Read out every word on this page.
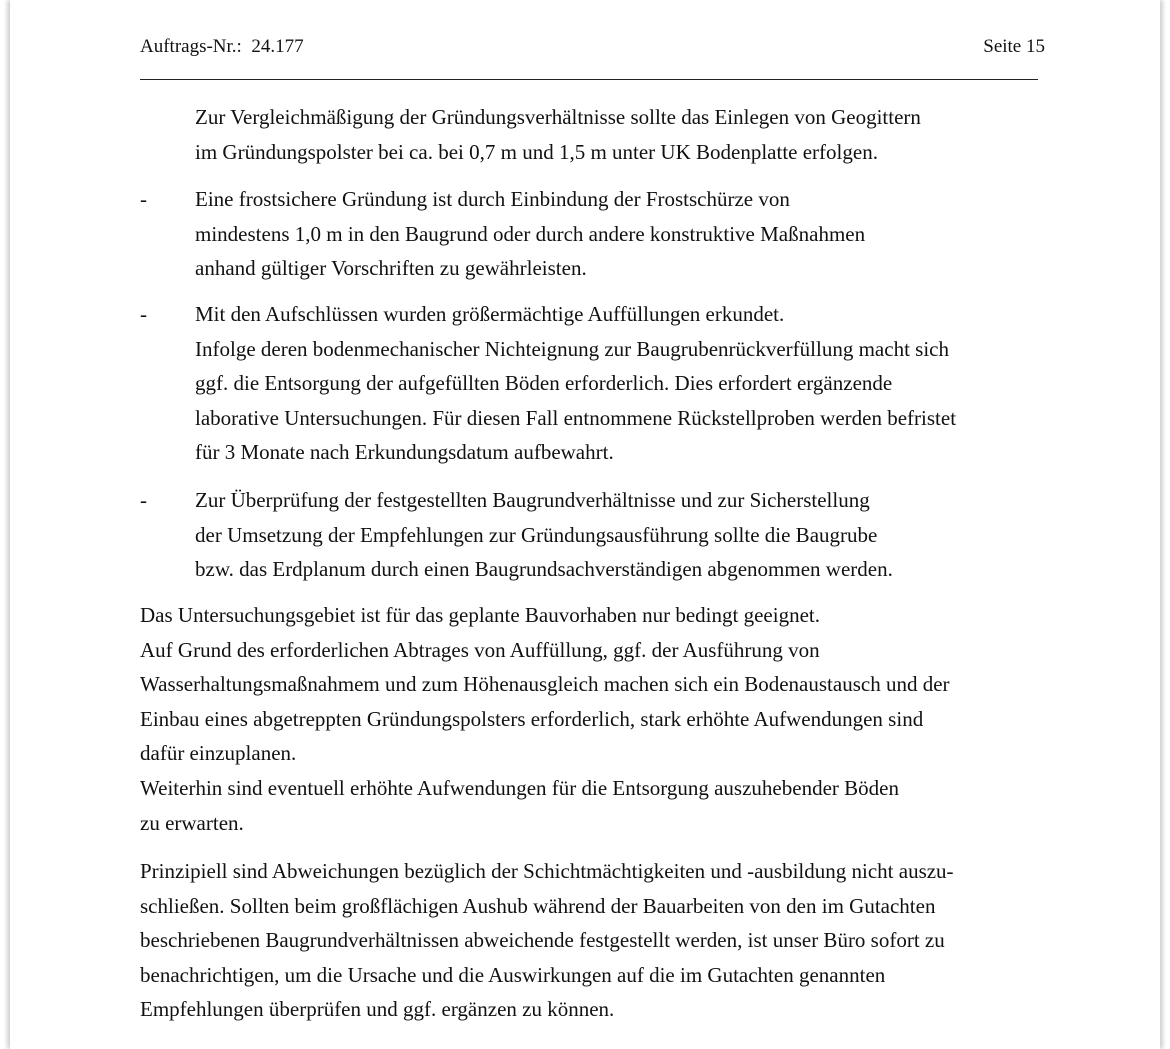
Auftrags-Nr.: 24.177	Seite 15
Zur Vergleichmäßigung der Gründungsverhältnisse sollte das Einlegen von Geogittern
im Gründungspolster bei ca. bei 0,7 m und 1,5 m unter UK Bodenplatte erfolgen.
- Eine frostsichere Gründung ist durch Einbindung der Frostschürze von
mindestens 1,0 m in den Baugrund oder durch andere konstruktive Maßnahmen
anhand gültiger Vorschriften zu gewährleisten.
- Mit den Aufschlüssen wurden größermächtige Auffüllungen erkundet.
Infolge deren bodenmechanischer Nichteignung zur Baugrubenrückverfüllung macht sich
ggf. die Entsorgung der aufgefüllten Böden erforderlich. Dies erfordert ergänzende
laborative Untersuchungen. Für diesen Fall entnommene Rückstellproben werden befristet
für 3 Monate nach Erkundungsdatum aufbewahrt.
- Zur Überprüfung der festgestellten Baugrundverhältnisse und zur Sicherstellung
der Umsetzung der Empfehlungen zur Gründungsausführung sollte die Baugrube
bzw. das Erdplanum durch einen Baugrundsachverständigen abgenommen werden.
Das Untersuchungsgebiet ist für das geplante Bauvorhaben nur bedingt geeignet.
Auf Grund des erforderlichen Abtrages von Auffüllung, ggf. der Ausführung von
Wasserhaltungsmaßnahmem und zum Höhenausgleich machen sich ein Bodenaustausch und der
Einbau eines abgetreppten Gründungspolsters erforderlich, stark erhöhte Aufwendungen sind
dafür einzuplanen.
Weiterhin sind eventuell erhöhte Aufwendungen für die Entsorgung auszuhebender Böden
zu erwarten.
Prinzipiell sind Abweichungen bezüglich der Schichtmächtigkeiten und -ausbildung nicht auszu-
schließen. Sollten beim großflächigen Aushub während der Bauarbeiten von den im Gutachten
beschriebenen Baugrundverhältnissen abweichende festgestellt werden, ist unser Büro sofort zu
benachrichtigen, um die Ursache und die Auswirkungen auf die im Gutachten genannten
Empfehlungen überprüfen und ggf. ergänzen zu können.
